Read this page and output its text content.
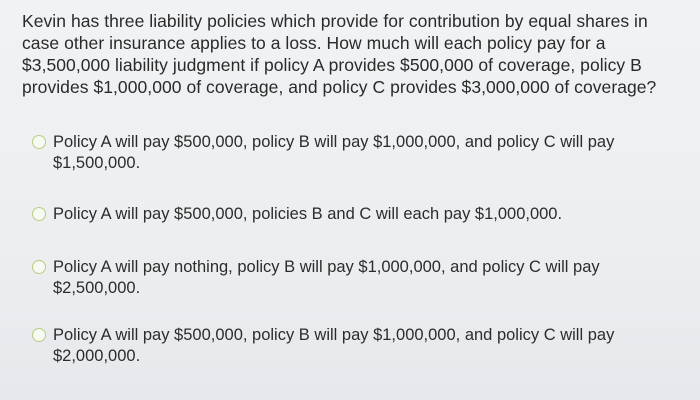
Kevin has three liability policies which provide for contribution by equal shares in case other insurance applies to a loss. How much will each policy pay for a $3,500,000 liability judgment if policy A provides $500,000 of coverage, policy B provides $1,000,000 of coverage, and policy C provides $3,000,000 of coverage?
Policy A will pay $500,000, policy B will pay $1,000,000, and policy C will pay $1,500,000.
Policy A will pay $500,000, policies B and C will each pay $1,000,000.
Policy A will pay nothing, policy B will pay $1,000,000, and policy C will pay $2,500,000.
Policy A will pay $500,000, policy B will pay $1,000,000, and policy C will pay $2,000,000.
